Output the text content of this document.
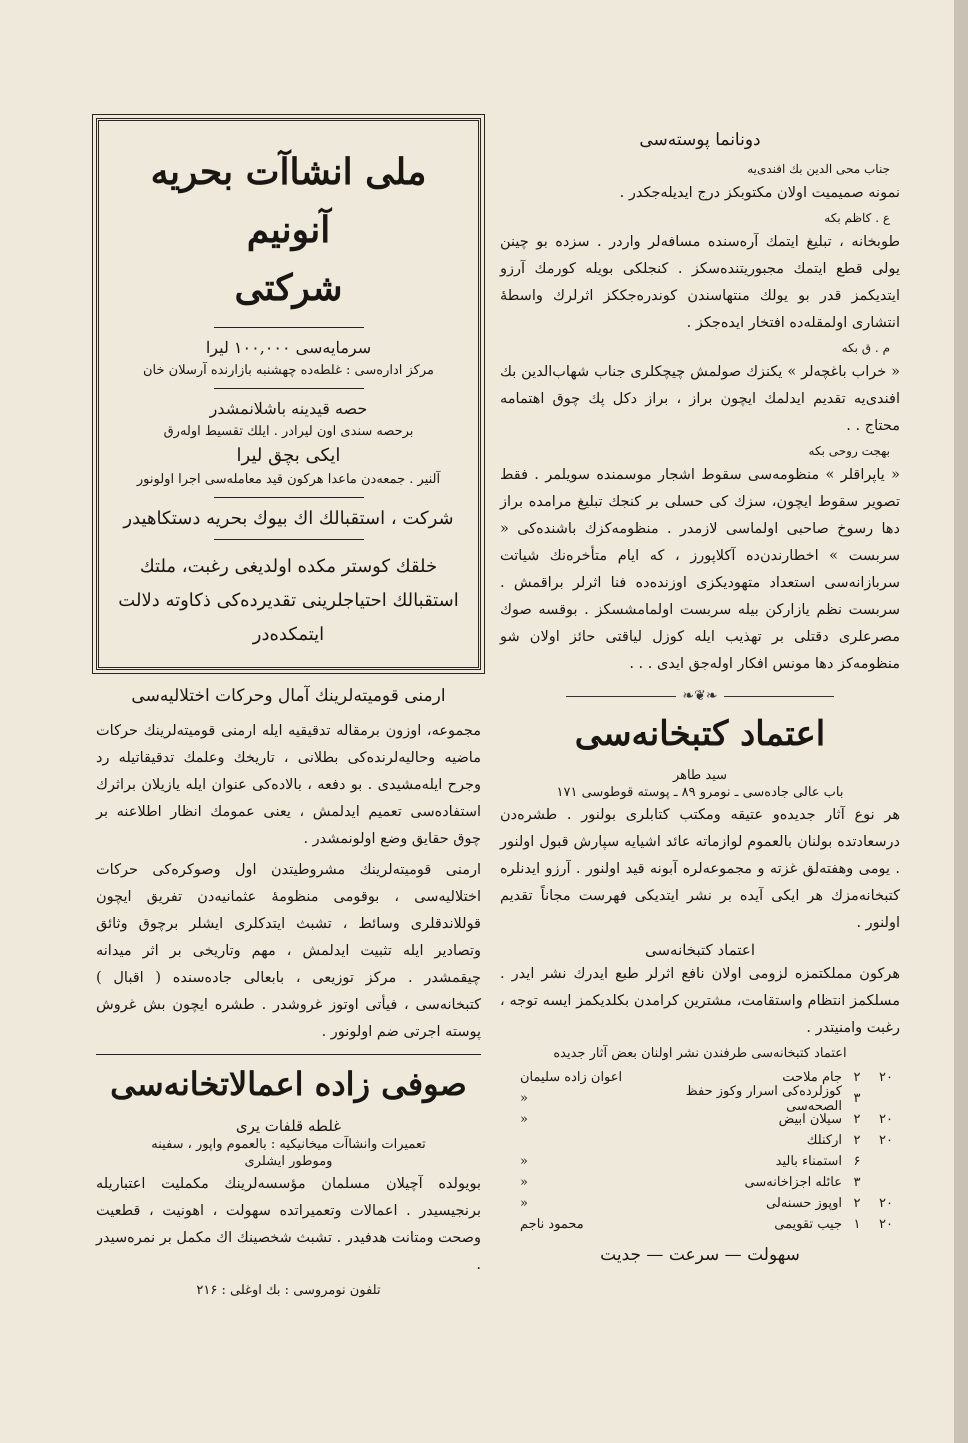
دونانما پوسته‌سی
جناب محی الدین بك افندی‌یه

نمونه صمیمیت اولان مکتوبکز درج ایدیله‌جکدر .

ع . کاظم بکه

طوبخانه ، تبلیغ ایتمك آره‌سنده مسافه‌لر واردر . سزده بو چینن یولی قطع ایتمك مجبوریتنده‌سکز . کنجلکی بویله کورمك آرزو ایتدیکمز قدر بو یولك منتهاسندن کوندره‌جککز اثرلرك واسطهٔ انتشاری اولمقله‌ده افتخار ایده‌جکز .

م . ق بکه

« خراب باغچه‌لر » یکنزك صولمش چیچکلری جناب شهاب‌الدین بك افندی‌یه تقدیم ایدلمك ایچون براز ، براز دکل پك چوق اهتمامه محتاج . .

بهجت روحی بکه

« یاپراقلر » منظومه‌سی سقوط اشجار موسمنده سویلمر . فقط تصویر سقوط ایچون، سزك کی حسلی بر کنجك تبلیغ مرامده براز دها رسوخ صاحبی اولماسی لازمدر . منظومه‌کزك باشنده‌کی « سربست » اخطارندن‌ده آکلاپورز ، که ایام متأخره‌نك شیاتت سربازانه‌سی استعداد متهودیکزی اوزنده‌ده فنا اثرلر براقمش . سربست نظم یازارکن بیله سربست اولمامشسکز . بوقسه صوك مصرعلری دقتلی بر تهذیب ایله کوزل لیاقتی حائز اولان شو منظومه‌کز دها مونس افکار اوله‌جق ایدی . . .

❧❦❧
اعتماد کتبخانه‌سی
سید طاهر
باب عالی جاده‌سی ـ نومرو ۸۹ ـ پوسته قوطوسی ۱۷۱

هر نوع آثار جدیده‌و عتیقه ومکتب کتابلری بولنور . طشره‌دن درسعادتده بولنان بالعموم لوازماته عائد اشیایه سپارش قبول اولنور . یومی وهفته‌لق غزته و مجموعه‌لره آبونه قید اولنور . آرزو ایدنلره کتبخانه‌مزك هر ایکی آیده بر نشر ایتدیکی فهرست مجاناً تقدیم اولنور .

اعتماد کتبخانه‌سی

هرکون مملکتمزه لزومی اولان نافع اثرلر طبع ایدرك نشر ایدر . مسلکمز انتظام واستقامت، مشترین کرامدن بکلدیکمز ایسه توجه ، رغبت وامنیتدر .

اعتماد کتبخانه‌سی طرفندن نشر اولنان بعض آثار جدیده
۲۰
۲
جام ملاحت
اعوان زاده سلیمان
۳
کوزلرده‌کی اسرار وکوز حفظ الصحه‌سی
«
۲۰
۲
سیلان ابیض
«
۲۰
۲
ارکنلك
۶
استمناء بالید
«
۳
عائله اجزاخانه‌سی
«
۲۰
۲
اوپوز حسنه‌لی
«
۲۰
۱
جیب تقویمی
محمود ناجم
سهولت — سرعت — جدیت
ملی انشاآت بحریه آنونیم
شرکتی
سرمایه‌سی ۱۰۰,۰۰۰ لیرا
مرکز اداره‌سی : غلطه‌ده چهشنبه بازارنده آرسلان خان
حصه قیدینه باشلانمشدر
برحصه سندی اون لیرادر . ایلك تقسیط اولەرق
ایکی بچق لیرا
آلنیر . جمعه‌دن ماعدا هرکون قید معامله‌سی اجرا اولونور
شرکت ، استقبالك اك بیوك بحریه دستکاهیدر
خلقك کوستر مکده اولدیغی رغبت، ملتك استقبالك احتیاجلرینی تقدیرده‌کی ذکاوته دلالت ایتمکده‌در
ارمنی قومیته‌لرینك آمال وحرکات اختلالیه‌سی

مجموعه، اوزون برمقاله تدقیقیه ایله ارمنی قومیته‌لرینك حرکات ماضیه وحالیه‌لرنده‌کی بطلانی ، تاریخك وعلمك تدقیقاتیله رد وجرح ایله‌مشیدی . بو دفعه ، بالاده‌کی عنوان ایله یازیلان براثرك استفاده‌سی تعمیم ایدلمش ، یعنی عمومك انظار اطلاعنه بر چوق حقایق وضع اولونمشدر .

ارمنی قومیته‌لرینك مشروطیتدن اول وصوکره‌کی حرکات اختلالیه‌سی ، بوقومی منظومهٔ عثمانیه‌دن تفریق ایچون قوللاندقلری وسائط ، تشبث ایتدکلری ایشلر برچوق وثائق وتصادیر ایله تثبیت ایدلمش ، مهم وتاریخی بر اثر میدانه چیقمشدر . مرکز توزیعی ، بابعالی جاده‌سنده ( اقبال ) کتبخانه‌سی ، فیأتی اوتوز غروشدر . طشره ایچون بش غروش پوسته اجرتی ضم اولونور .

صوفی زاده اعمالاتخانه‌سی
غلطه قلفات یری
تعمیرات وانشاآت میخانیکیه : بالعموم واپور ، سفینه
وموطور ایشلری

بویولده آچیلان مسلمان مؤسسه‌لرینك مکملیت اعتباریله برنجیسیدر . اعمالات وتعمیراتده سهولت ، اهونیت ، قطعیت وصحت ومتانت هدفیدر . تشبث شخصینك اك مکمل بر نمره‌سیدر .

تلفون نومروسی : بك اوغلی : ۲۱۶
